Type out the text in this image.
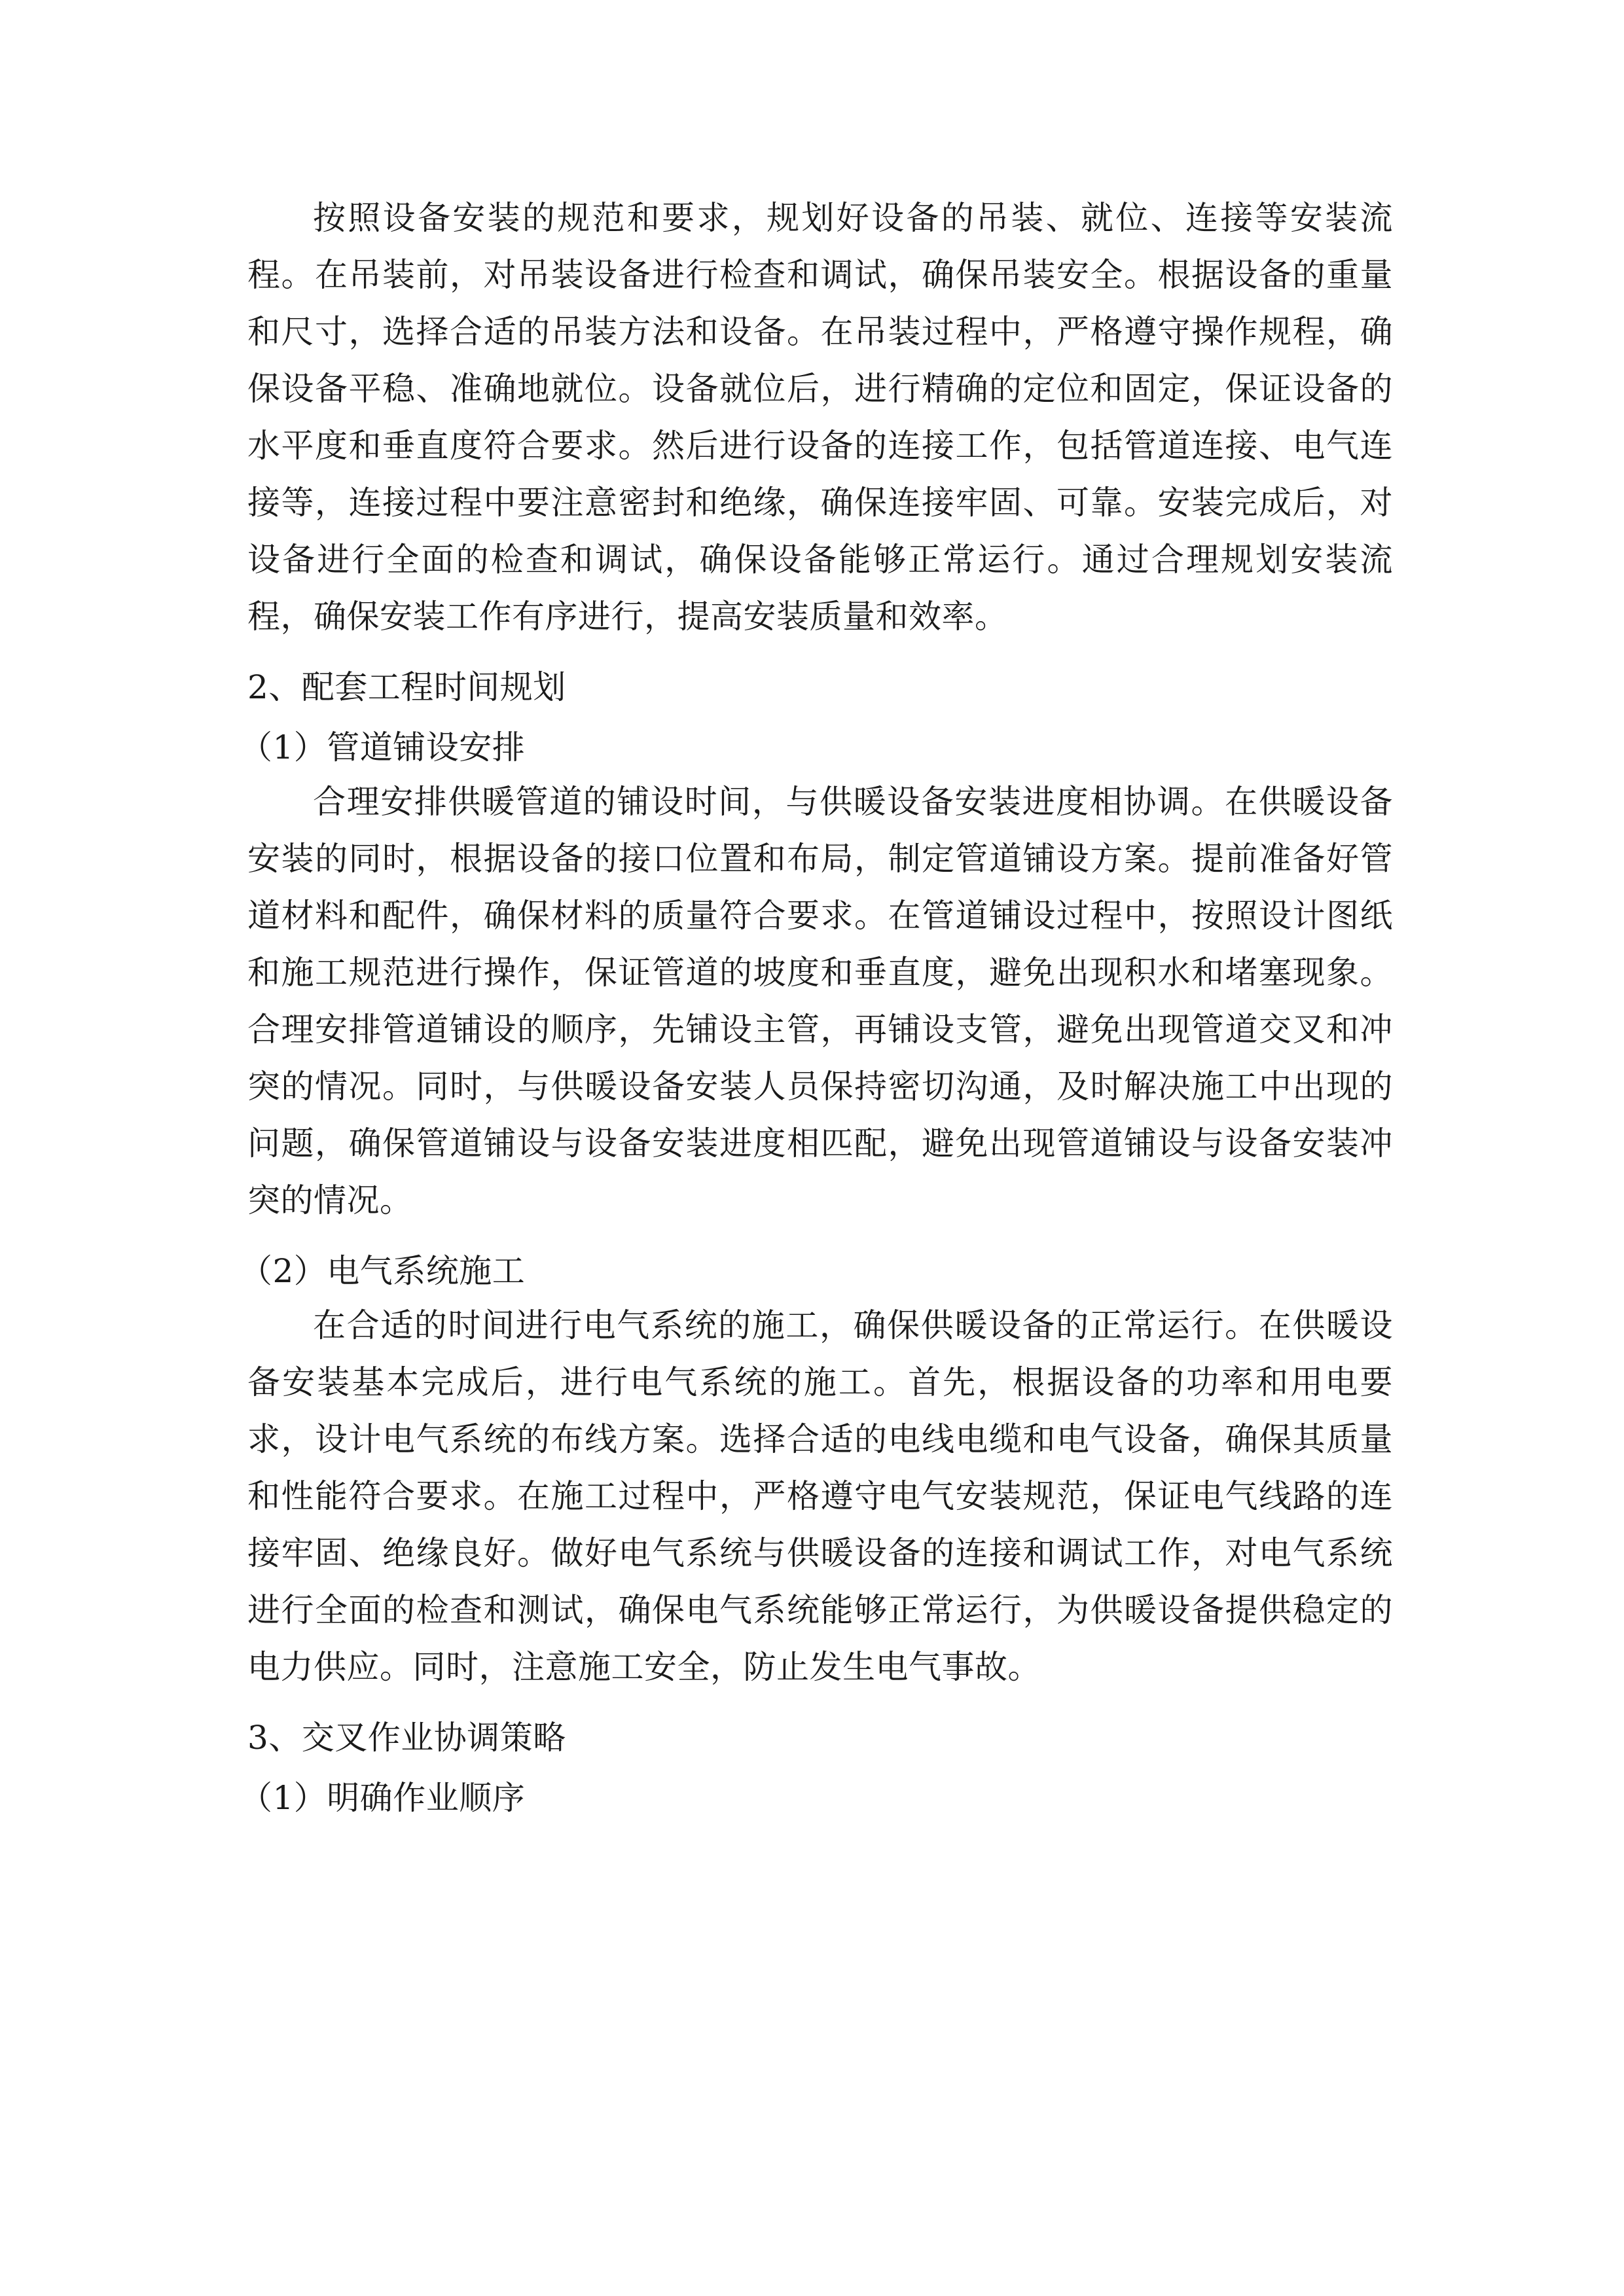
按照设备安装的规范和要求，规划好设备的吊装、就位、连接等安装流程。在吊装前，对吊装设备进行检查和调试，确保吊装安全。根据设备的重量和尺寸，选择合适的吊装方法和设备。在吊装过程中，严格遵守操作规程，确保设备平稳、准确地就位。设备就位后，进行精确的定位和固定，保证设备的水平度和垂直度符合要求。然后进行设备的连接工作，包括管道连接、电气连接等，连接过程中要注意密封和绝缘，确保连接牢固、可靠。安装完成后，对设备进行全面的检查和调试，确保设备能够正常运行。通过合理规划安装流程，确保安装工作有序进行，提高安装质量和效率。

2、配套工程时间规划

（1）管道铺设安排

合理安排供暖管道的铺设时间，与供暖设备安装进度相协调。在供暖设备安装的同时，根据设备的接口位置和布局，制定管道铺设方案。提前准备好管道材料和配件，确保材料的质量符合要求。在管道铺设过程中，按照设计图纸和施工规范进行操作，保证管道的坡度和垂直度，避免出现积水和堵塞现象。合理安排管道铺设的顺序，先铺设主管，再铺设支管，避免出现管道交叉和冲突的情况。同时，与供暖设备安装人员保持密切沟通，及时解决施工中出现的问题，确保管道铺设与设备安装进度相匹配，避免出现管道铺设与设备安装冲突的情况。

（2）电气系统施工

在合适的时间进行电气系统的施工，确保供暖设备的正常运行。在供暖设备安装基本完成后，进行电气系统的施工。首先，根据设备的功率和用电要求，设计电气系统的布线方案。选择合适的电线电缆和电气设备，确保其质量和性能符合要求。在施工过程中，严格遵守电气安装规范，保证电气线路的连接牢固、绝缘良好。做好电气系统与供暖设备的连接和调试工作，对电气系统进行全面的检查和测试，确保电气系统能够正常运行，为供暖设备提供稳定的电力供应。同时，注意施工安全，防止发生电气事故。

3、交叉作业协调策略

（1）明确作业顺序
